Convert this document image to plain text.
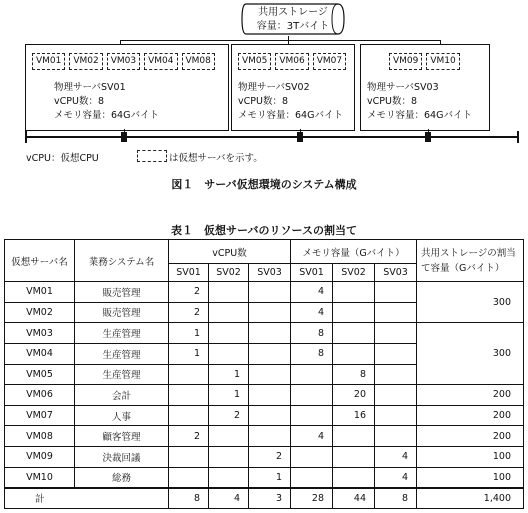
共用ストレージ
容量：3Tバイト
VM01	VM02	VM03	VM04	VM08
物理サーバSV01
vCPU数：8
メモリ容量：64Gバイト
VM05	VM06	VM07
物理サーバSV02
vCPU数：8
メモリ容量：64Gバイト
VM09	VM10
物理サーバSV03
vCPU数：8
メモリ容量：64Gバイト
vCPU：仮想CPU	は仮想サーバを示す。
図１　サーバ仮想環境のシステム構成
表１　仮想サーバのリソースの割当て
仮想サーバ名	業務システム名	vCPU数			メモリ容量（Gバイト）			共用ストレージの割当て容量（Gバイト）
		SV01	SV02	SV03	SV01	SV02	SV03	
VM01	販売管理	2			4			300
VM02	販売管理	2			4			
VM03	生産管理	1			8			300
VM04	生産管理	1			8			
VM05	生産管理		1			8		
VM06	会計		1			20		200
VM07	人事		2			16		200
VM08	顧客管理	2			4			200
VM09	決裁回議			2			4	100
VM10	総務			1			4	100
計		8	4	3	28	44	8	1,400
